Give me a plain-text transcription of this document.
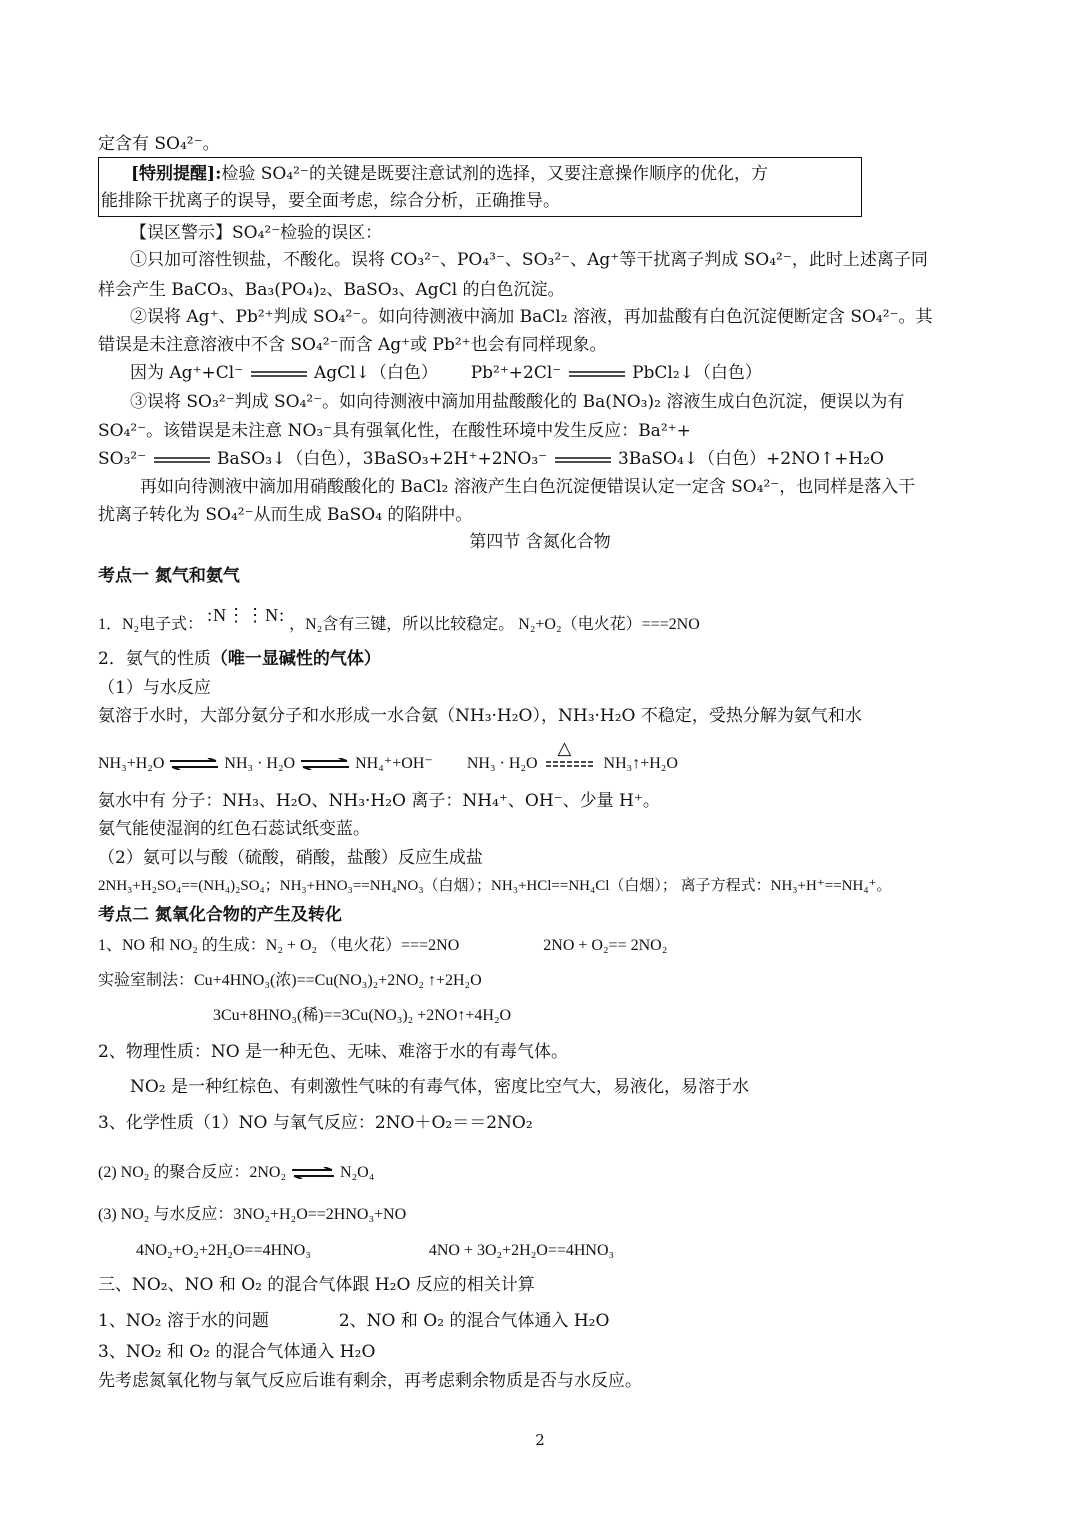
定含有 SO₄²⁻。
[特别提醒]:检验 SO₄²⁻的关键是既要注意试剂的选择，又要注意操作顺序的优化，方
能排除干扰离子的误导，要全面考虑，综合分析，正确推导。
【误区警示】SO₄²⁻检验的误区：
①只加可溶性钡盐，不酸化。误将 CO₃²⁻、PO₄³⁻、SO₃²⁻、Ag⁺等干扰离子判成 SO₄²⁻，此时上述离子同
样会产生 BaCO₃、Ba₃(PO₄)₂、BaSO₃、AgCl 的白色沉淀。
②误将 Ag⁺、Pb²⁺判成 SO₄²⁻。如向待测液中滴加 BaCl₂ 溶液，再加盐酸有白色沉淀便断定含 SO₄²⁻。其
错误是未注意溶液中不含 SO₄²⁻而含 Ag⁺或 Pb²⁺也会有同样现象。
因为 Ag⁺+Cl⁻	AgCl↓（白色） Pb²⁺+2Cl⁻	PbCl₂↓（白色）
③误将 SO₃²⁻判成 SO₄²⁻。如向待测液中滴加用盐酸酸化的 Ba(NO₃)₂ 溶液生成白色沉淀，便误以为有
SO₄²⁻。该错误是未注意 NO₃⁻具有强氧化性，在酸性环境中发生反应：Ba²⁺+
SO₃²⁻	BaSO₃↓（白色），3BaSO₃+2H⁺+2NO₃⁻	3BaSO₄↓（白色）+2NO↑+H₂O
再如向待测液中滴加用硝酸酸化的 BaCl₂ 溶液产生白色沉淀便错误认定一定含 SO₄²⁻，也同样是落入干
扰离子转化为 SO₄²⁻从而生成 BaSO₄ 的陷阱中。
第四节 含氮化合物
考点一 氮气和氨气
1．N₂电子式： :N⋮⋮N: ，N₂含有三键，所以比较稳定。 N₂+O₂（电火花）===2NO
2．氨气的性质（唯一显碱性的气体）
（1）与水反应
氨溶于水时，大部分氨分子和水形成一水合氨（NH₃·H₂O），NH₃·H₂O 不稳定，受热分解为氨气和水
NH₃+H₂O ⇌ NH₃ · H₂O ⇌ NH₄⁺+OH⁻ NH₃ · H₂O
△
NH₃↑+H₂O
氨水中有 分子：NH₃、H₂O、NH₃·H₂O 离子：NH₄⁺、OH⁻、少量 H⁺。
氨气能使湿润的红色石蕊试纸变蓝。
（2）氨可以与酸（硫酸，硝酸，盐酸）反应生成盐
2NH₃+H₂SO₄==(NH₄)₂SO₄；NH₃+HNO₃==NH₄NO₃（白烟）；NH₃+HCl==NH₄Cl（白烟）； 离子方程式：NH₃+H⁺==NH₄⁺。
考点二 氮氧化合物的产生及转化
1、NO 和 NO₂ 的生成：N₂ + O₂ （电火花）===2NO	2NO + O₂== 2NO₂
实验室制法：Cu+4HNO₃(浓)==Cu(NO₃)₂+2NO₂ ↑+2H₂O
3Cu+8HNO₃(稀)==3Cu(NO₃)₂ +2NO↑+4H₂O
2、物理性质：NO 是一种无色、无味、难溶于水的有毒气体。
NO₂ 是一种红棕色、有刺激性气味的有毒气体，密度比空气大，易液化，易溶于水
3、化学性质（1）NO 与氧气反应：2NO＋O₂＝＝2NO₂
(2) NO₂ 的聚合反应：2NO₂ ⇌ N₂O₄
(3) NO₂ 与水反应：3NO₂+H₂O==2HNO₃+NO
4NO₂+O₂+2H₂O==4HNO₃	4NO + 3O₂+2H₂O==4HNO₃
三、NO₂、NO 和 O₂ 的混合气体跟 H₂O 反应的相关计算
1、NO₂ 溶于水的问题	2、NO 和 O₂ 的混合气体通入 H₂O
3、NO₂ 和 O₂ 的混合气体通入 H₂O
先考虑氮氧化物与氧气反应后谁有剩余，再考虑剩余物质是否与水反应。
2
